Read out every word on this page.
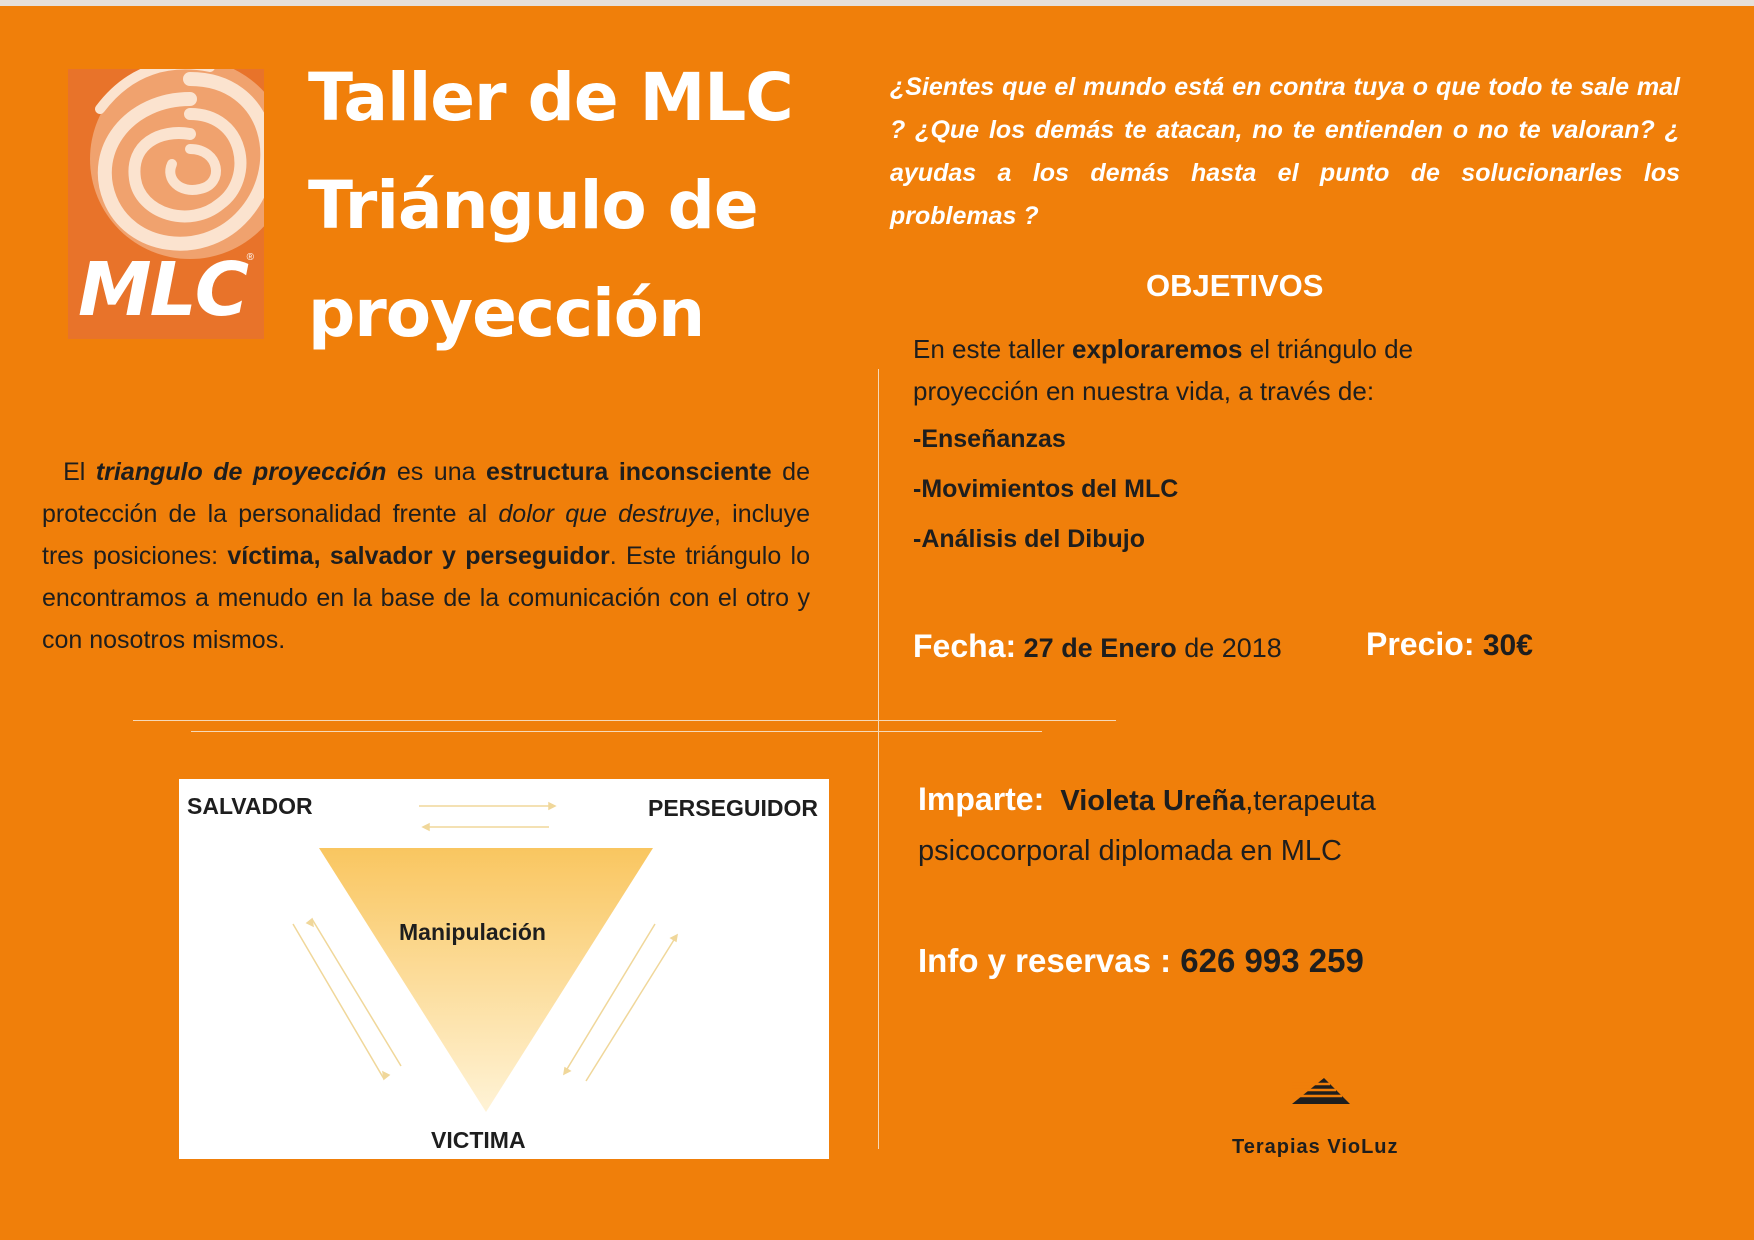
®
MLC
Taller de MLC
Triángulo de
proyección
¿Sientes que el mundo está en contra tuya o que todo te sale mal ? ¿Que los demás te atacan, no te entienden o no te valoran? ¿ ayudas a los demás hasta el punto de solucionarles los problemas ?
OBJETIVOS
En este taller exploraremos el triángulo de proyección en nuestra vida, a través de:
-Enseñanzas
-Movimientos del MLC
-Análisis del Dibujo
El triangulo de proyección es una estructura inconsciente de protección de la personalidad frente al dolor que destruye, incluye tres posiciones: víctima, salvador y perseguidor. Este triángulo lo encontramos a menudo en la base de la comunicación con el otro y con nosotros mismos.	Fecha: 27 de Enero de 2018	Precio: 30€
SALVADOR	PERSEGUIDOR
Manipulación
VICTIMA
Imparte: Violeta Ureña,terapeuta psicocorporal diplomada en MLC
Info y reservas : 626 993 259
Terapias VioLuz
